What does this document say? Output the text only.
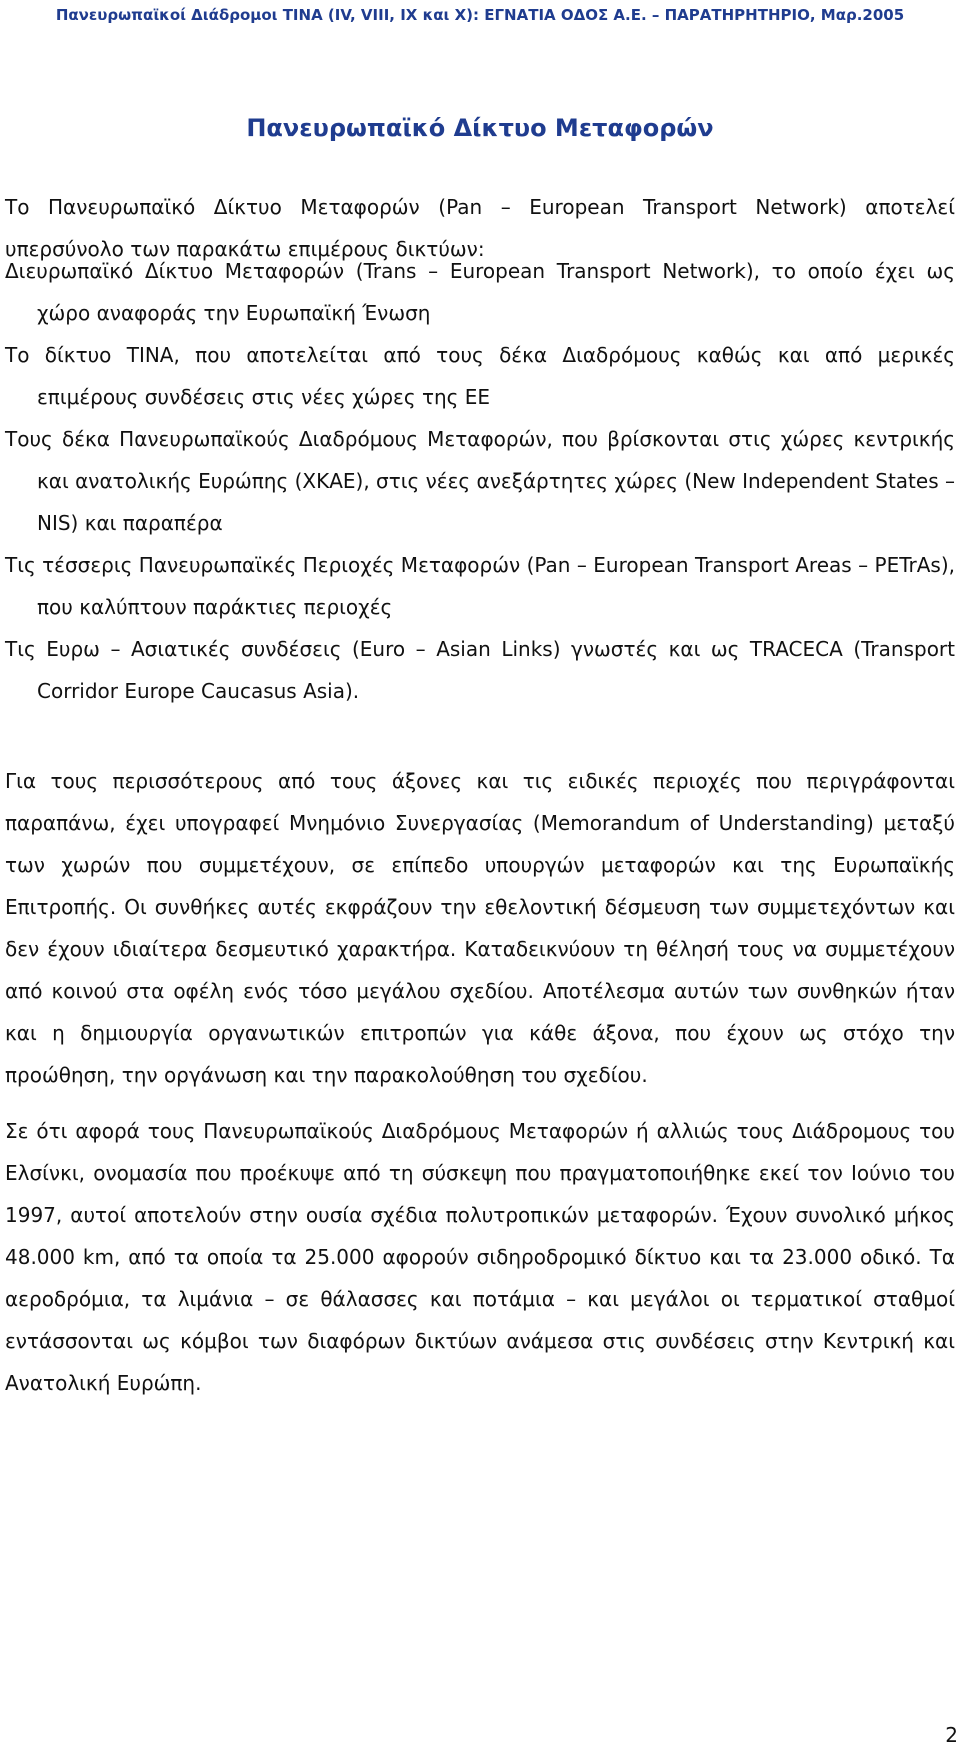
Πανευρωπαϊκοί Διάδρομοι TINA (IV, VIII, IX και X): ΕΓΝΑΤΙΑ ΟΔΟΣ Α.Ε. – ΠΑΡΑΤΗΡΗΤΗΡΙΟ, Μαρ.2005
Πανευρωπαϊκό Δίκτυο Μεταφορών

Το Πανευρωπαϊκό Δίκτυο Μεταφορών (Pan – European Transport Network) αποτελεί υπερσύνολο των παρακάτω επιμέρους δικτύων:

Διευρωπαϊκό Δίκτυο Μεταφορών (Trans – European Transport Network), το οποίο έχει ως χώρο αναφοράς την Ευρωπαϊκή Ένωση
Το δίκτυο TINA, που αποτελείται από τους δέκα Διαδρόμους καθώς και από μερικές επιμέρους συνδέσεις στις νέες χώρες της ΕΕ
Τους δέκα Πανευρωπαϊκούς Διαδρόμους Μεταφορών, που βρίσκονται στις χώρες κεντρικής και ανατολικής Ευρώπης (ΧΚΑΕ), στις νέες ανεξάρτητες χώρες (New Independent States – NIS) και παραπέρα
Τις τέσσερις Πανευρωπαϊκές Περιοχές Μεταφορών (Pan – European Transport Areas – PETrAs), που καλύπτουν παράκτιες περιοχές
Τις Ευρω – Ασιατικές συνδέσεις (Euro – Asian Links) γνωστές και ως TRACECA (Transport Corridor Europe Caucasus Asia).

Για τους περισσότερους από τους άξονες και τις ειδικές περιοχές που περιγράφονται παραπάνω, έχει υπογραφεί Μνημόνιο Συνεργασίας (Memorandum of Understanding) μεταξύ των χωρών που συμμετέχουν, σε επίπεδο υπουργών μεταφορών και της Ευρωπαϊκής Επιτροπής. Οι συνθήκες αυτές εκφράζουν την εθελοντική δέσμευση των συμμετεχόντων και δεν έχουν ιδιαίτερα δεσμευτικό χαρακτήρα. Καταδεικνύουν τη θέλησή τους να συμμετέχουν από κοινού στα οφέλη ενός τόσο μεγάλου σχεδίου. Αποτέλεσμα αυτών των συνθηκών ήταν και η δημιουργία οργανωτικών επιτροπών για κάθε άξονα, που έχουν ως στόχο την προώθηση, την οργάνωση και την παρακολούθηση του σχεδίου.

Σε ότι αφορά τους Πανευρωπαϊκούς Διαδρόμους Μεταφορών ή αλλιώς τους Διάδρομους του Ελσίνκι, ονομασία που προέκυψε από τη σύσκεψη που πραγματοποιήθηκε εκεί τον Ιούνιο του 1997, αυτοί αποτελούν στην ουσία σχέδια πολυτροπικών μεταφορών. Έχουν συνολικό μήκος 48.000 km, από τα οποία τα 25.000 αφορούν σιδηροδρομικό δίκτυο και τα 23.000 οδικό. Τα αεροδρόμια, τα λιμάνια – σε θάλασσες και ποτάμια – και μεγάλοι οι τερματικοί σταθμοί εντάσσονται ως κόμβοι των διαφόρων δικτύων ανάμεσα στις συνδέσεις στην Κεντρική και Ανατολική Ευρώπη.

2
